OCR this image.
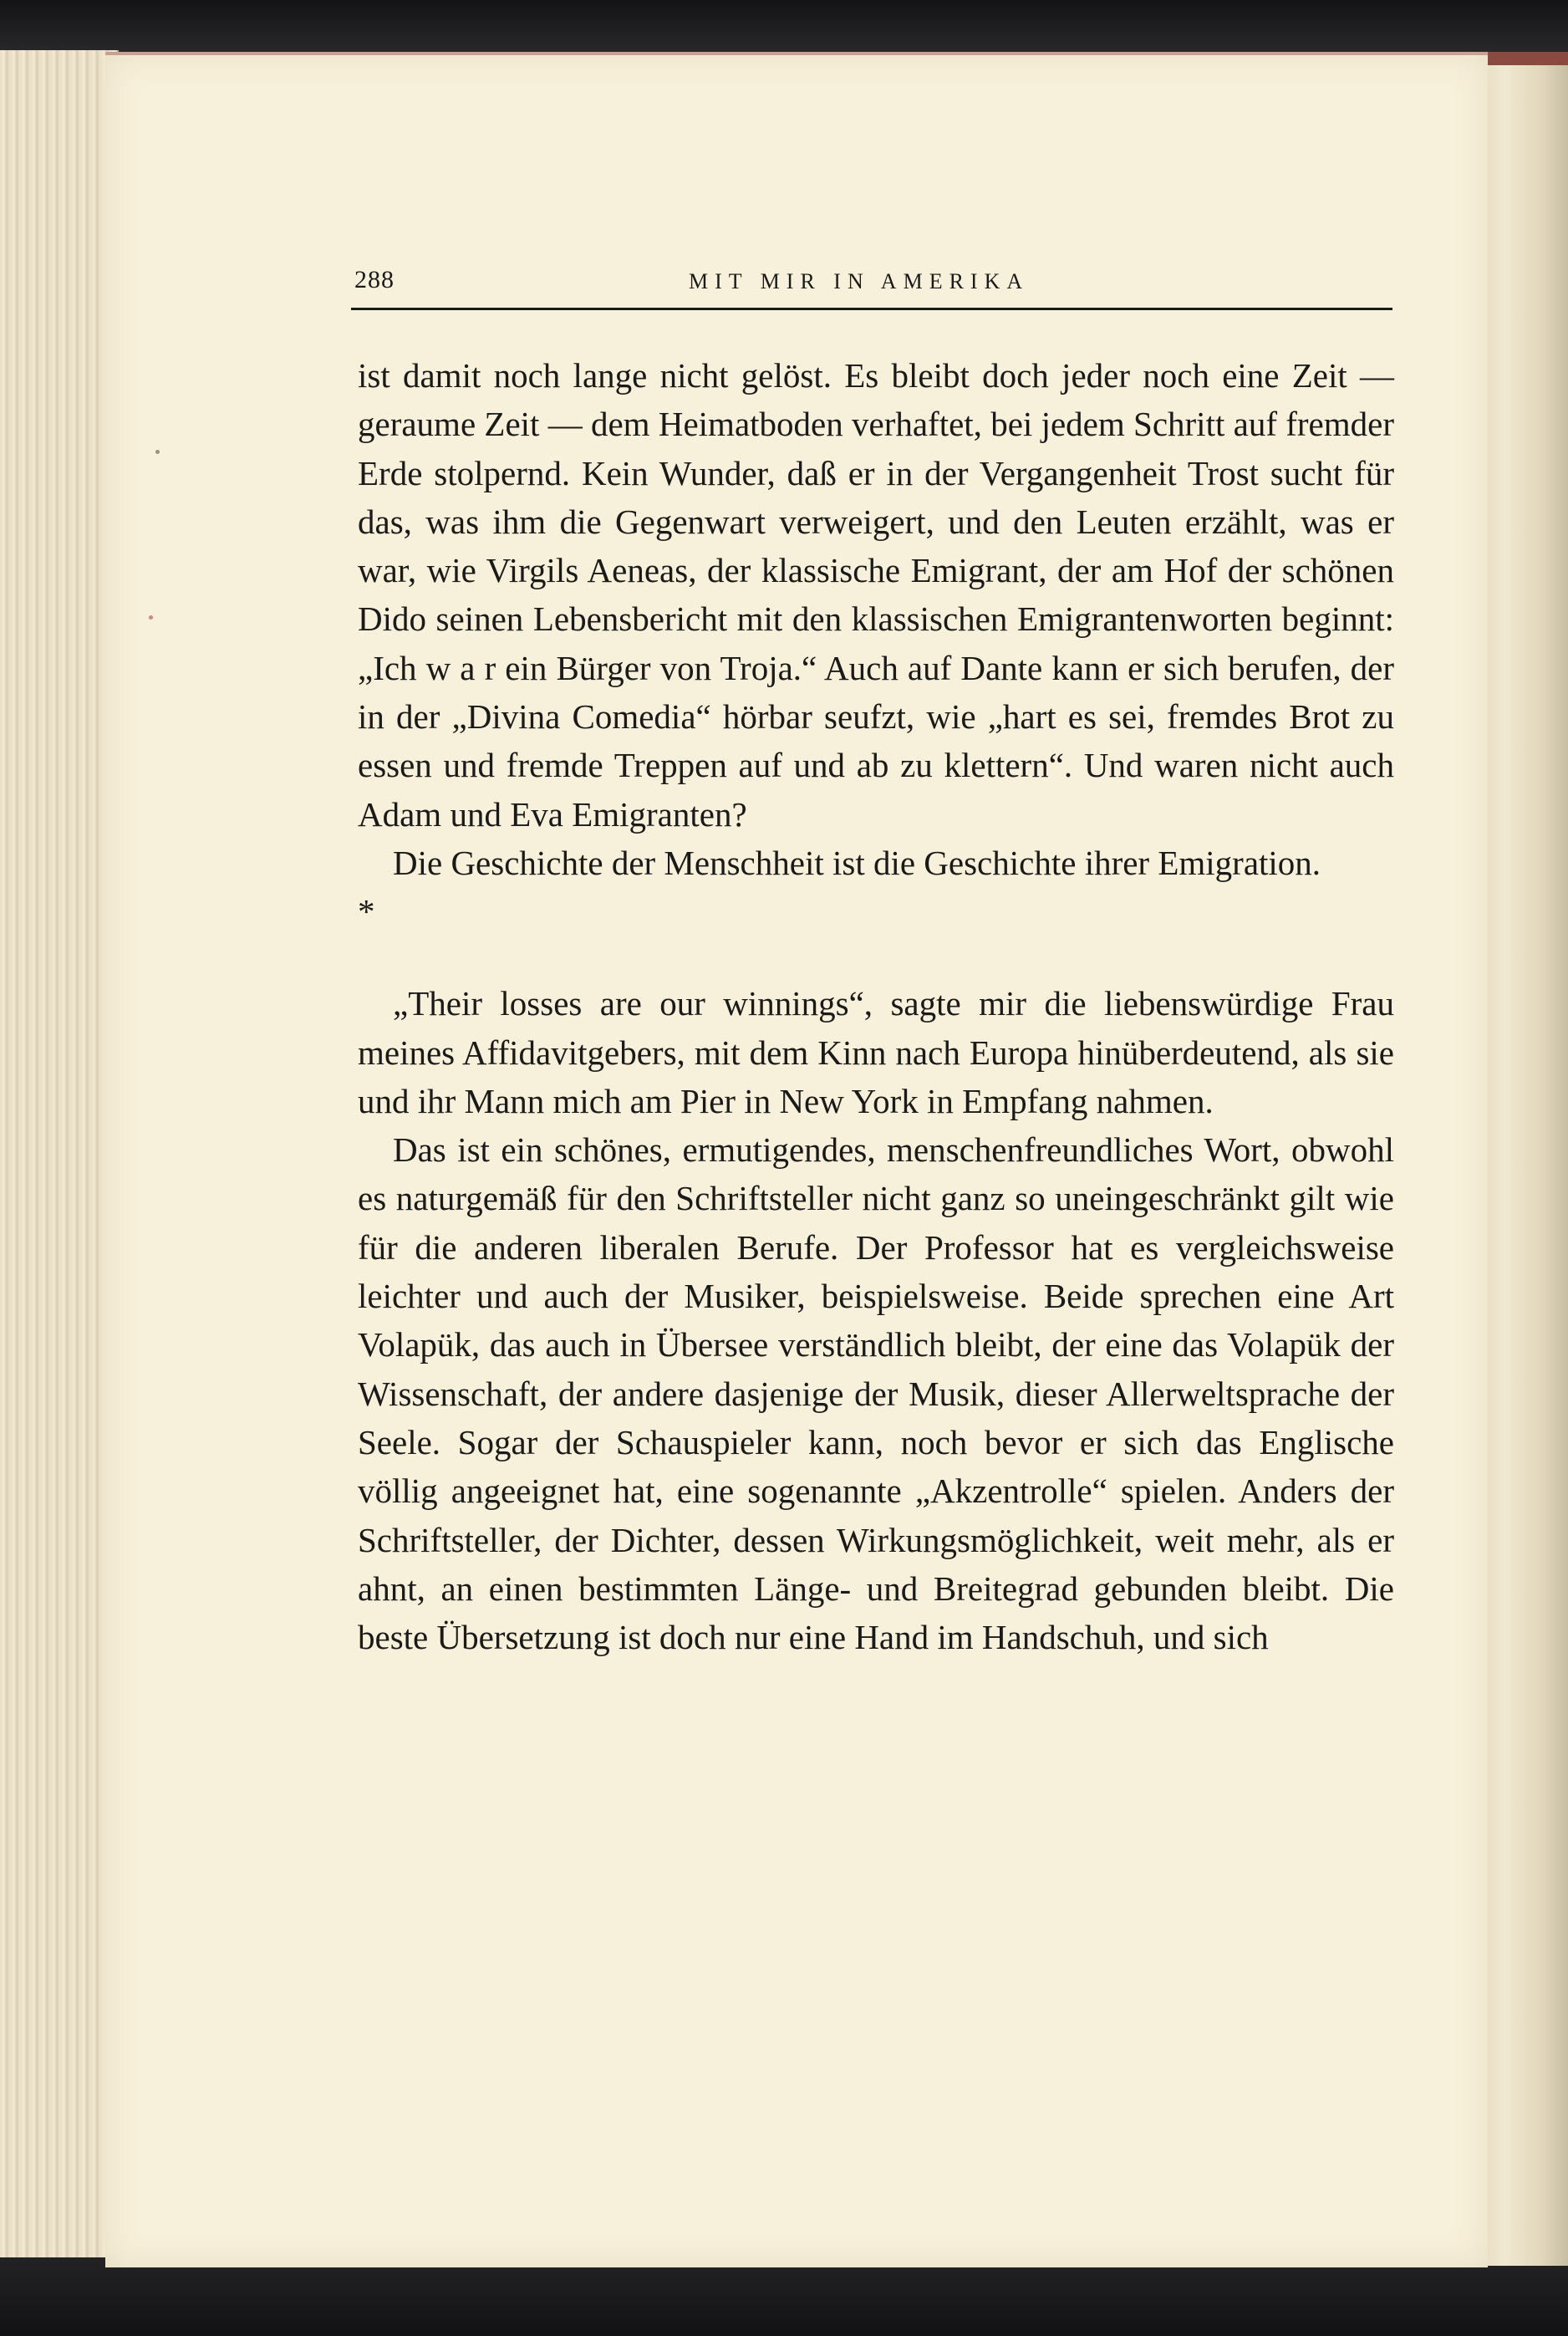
288	MIT MIR IN AMERIKA

ist damit noch lange nicht gelöst. Es bleibt doch jeder noch eine Zeit — geraume Zeit — dem Heimatboden verhaftet, bei jedem Schritt auf fremder Erde stolpernd. Kein Wunder, daß er in der Vergangenheit Trost sucht für das, was ihm die Gegenwart verweigert, und den Leuten erzählt, was er war, wie Virgils Aeneas, der klassische Emigrant, der am Hof der schönen Dido seinen Lebensbericht mit den klassischen Emigrantenworten beginnt: „Ich w a r ein Bürger von Troja.“ Auch auf Dante kann er sich berufen, der in der „Divina Comedia“ hörbar seufzt, wie „hart es sei, fremdes Brot zu essen und fremde Treppen auf und ab zu klettern“. Und waren nicht auch Adam und Eva Emigranten?

Die Geschichte der Menschheit ist die Geschichte ihrer Emigration.

*

„Their losses are our winnings“, sagte mir die liebenswürdige Frau meines Affidavitgebers, mit dem Kinn nach Europa hinüberdeutend, als sie und ihr Mann mich am Pier in New York in Empfang nahmen.

Das ist ein schönes, ermutigendes, menschenfreundliches Wort, obwohl es naturgemäß für den Schriftsteller nicht ganz so uneingeschränkt gilt wie für die anderen liberalen Berufe. Der Professor hat es vergleichsweise leichter und auch der Musiker, beispielsweise. Beide sprechen eine Art Volapük, das auch in Übersee verständlich bleibt, der eine das Volapük der Wissenschaft, der andere dasjenige der Musik, dieser Allerweltsprache der Seele. Sogar der Schauspieler kann, noch bevor er sich das Englische völlig angeeignet hat, eine sogenannte „Akzentrolle“ spielen. Anders der Schriftsteller, der Dichter, dessen Wirkungsmöglichkeit, weit mehr, als er ahnt, an einen bestimmten Länge- und Breitegrad gebunden bleibt. Die beste Übersetzung ist doch nur eine Hand im Handschuh, und sich
